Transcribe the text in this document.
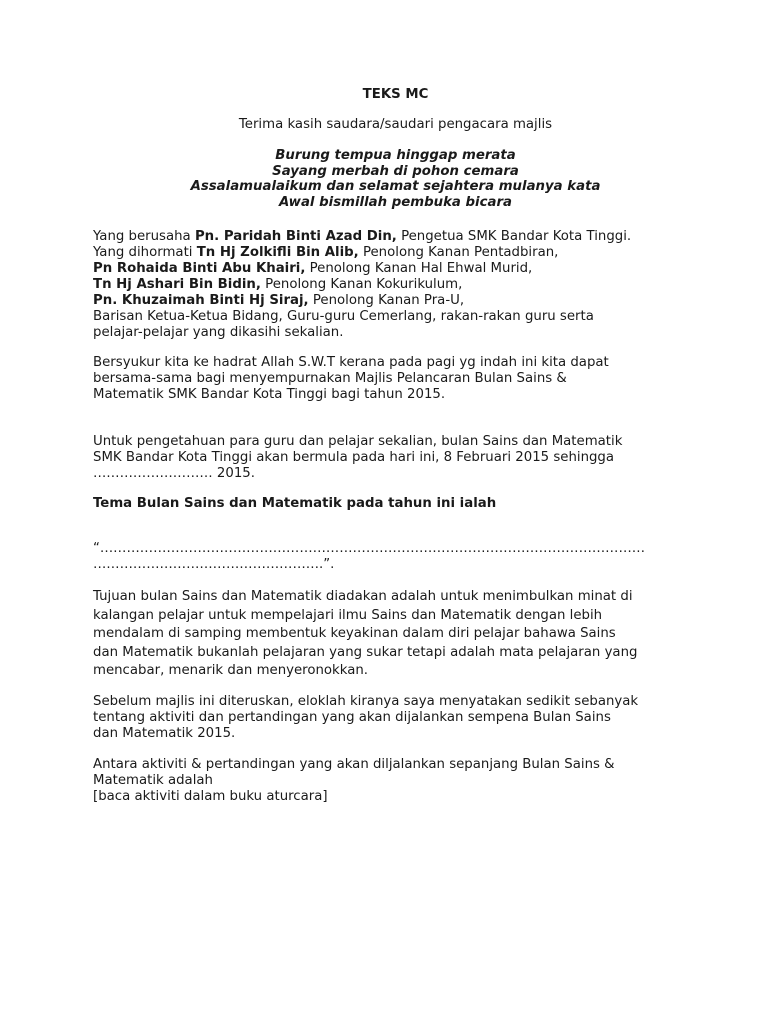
TEKS MC

Terima kasih saudara/saudari pengacara majlis

Burung tempua hinggap merata
Sayang merbah di pohon cemara
Assalamualaikum dan selamat sejahtera mulanya kata
Awal bismillah pembuka bicara
Yang berusaha Pn. Paridah Binti Azad Din, Pengetua SMK Bandar Kota Tinggi.
Yang dihormati Tn Hj Zolkifli Bin Alib, Penolong Kanan Pentadbiran,
Pn Rohaida Binti Abu Khairi, Penolong Kanan Hal Ehwal Murid,
Tn Hj Ashari Bin Bidin, Penolong Kanan Kokurikulum,
Pn. Khuzaimah Binti Hj Siraj, Penolong Kanan Pra-U,
Barisan Ketua-Ketua Bidang, Guru-guru Cemerlang, rakan-rakan guru serta
pelajar-pelajar yang dikasihi sekalian.
Bersyukur kita ke hadrat Allah S.W.T kerana pada pagi yg indah ini kita dapat
bersama-sama bagi menyempurnakan Majlis Pelancaran Bulan Sains &
Matematik SMK Bandar Kota Tinggi bagi tahun 2015.
Untuk pengetahuan para guru dan pelajar sekalian, bulan Sains dan Matematik
SMK Bandar Kota Tinggi akan bermula pada hari ini, 8 Februari 2015 sehingga
……………………… 2015.
Tema Bulan Sains dan Matematik pada tahun ini ialah
“……………………………………………………………………………………………………………
…………………………………………….”.
Tujuan bulan Sains dan Matematik diadakan adalah untuk menimbulkan minat di
kalangan pelajar untuk mempelajari ilmu Sains dan Matematik dengan lebih
mendalam di samping membentuk keyakinan dalam diri pelajar bahawa Sains
dan Matematik bukanlah pelajaran yang sukar tetapi adalah mata pelajaran yang
mencabar, menarik dan menyeronokkan.
Sebelum majlis ini diteruskan, eloklah kiranya saya menyatakan sedikit sebanyak
tentang aktiviti dan pertandingan yang akan dijalankan sempena Bulan Sains
dan Matematik 2015.
Antara aktiviti & pertandingan yang akan diljalankan sepanjang Bulan Sains &
Matematik adalah
[baca aktiviti dalam buku aturcara]
